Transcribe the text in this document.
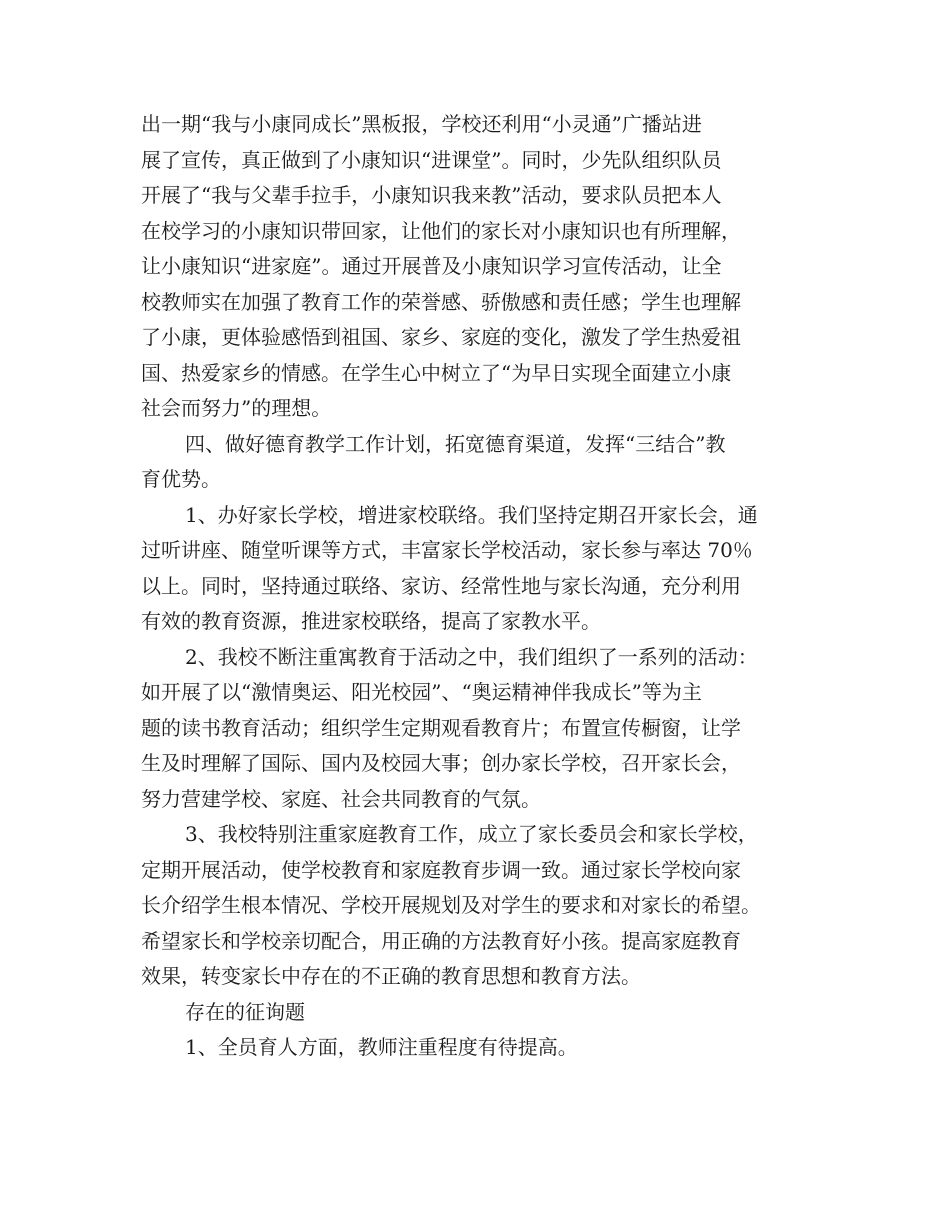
出一期“我与小康同成长”黑板报，学校还利用“小灵通”广播站进
展了宣传，真正做到了小康知识“进课堂”。同时，少先队组织队员
开展了“我与父辈手拉手，小康知识我来教”活动，要求队员把本人
在校学习的小康知识带回家，让他们的家长对小康知识也有所理解，
让小康知识“进家庭”。通过开展普及小康知识学习宣传活动，让全
校教师实在加强了教育工作的荣誉感、骄傲感和责任感；学生也理解
了小康，更体验感悟到祖国、家乡、家庭的变化，激发了学生热爱祖
国、热爱家乡的情感。在学生心中树立了“为早日实现全面建立小康
社会而努力”的理想。
四、做好德育教学工作计划，拓宽德育渠道，发挥“三结合”教
育优势。
1、办好家长学校，增进家校联络。我们坚持定期召开家长会，通
过听讲座、随堂听课等方式，丰富家长学校活动，家长参与率达 70％
以上。同时，坚持通过联络、家访、经常性地与家长沟通，充分利用
有效的教育资源，推进家校联络，提高了家教水平。
2、我校不断注重寓教育于活动之中，我们组织了一系列的活动：
如开展了以“激情奥运、阳光校园”、“奥运精神伴我成长”等为主
题的读书教育活动；组织学生定期观看教育片；布置宣传橱窗，让学
生及时理解了国际、国内及校园大事；创办家长学校，召开家长会，
努力营建学校、家庭、社会共同教育的气氛。
3、我校特别注重家庭教育工作，成立了家长委员会和家长学校，
定期开展活动，使学校教育和家庭教育步调一致。通过家长学校向家
长介绍学生根本情况、学校开展规划及对学生的要求和对家长的希望。
希望家长和学校亲切配合，用正确的方法教育好小孩。提高家庭教育
效果，转变家长中存在的不正确的教育思想和教育方法。
存在的征询题
1、全员育人方面，教师注重程度有待提高。
